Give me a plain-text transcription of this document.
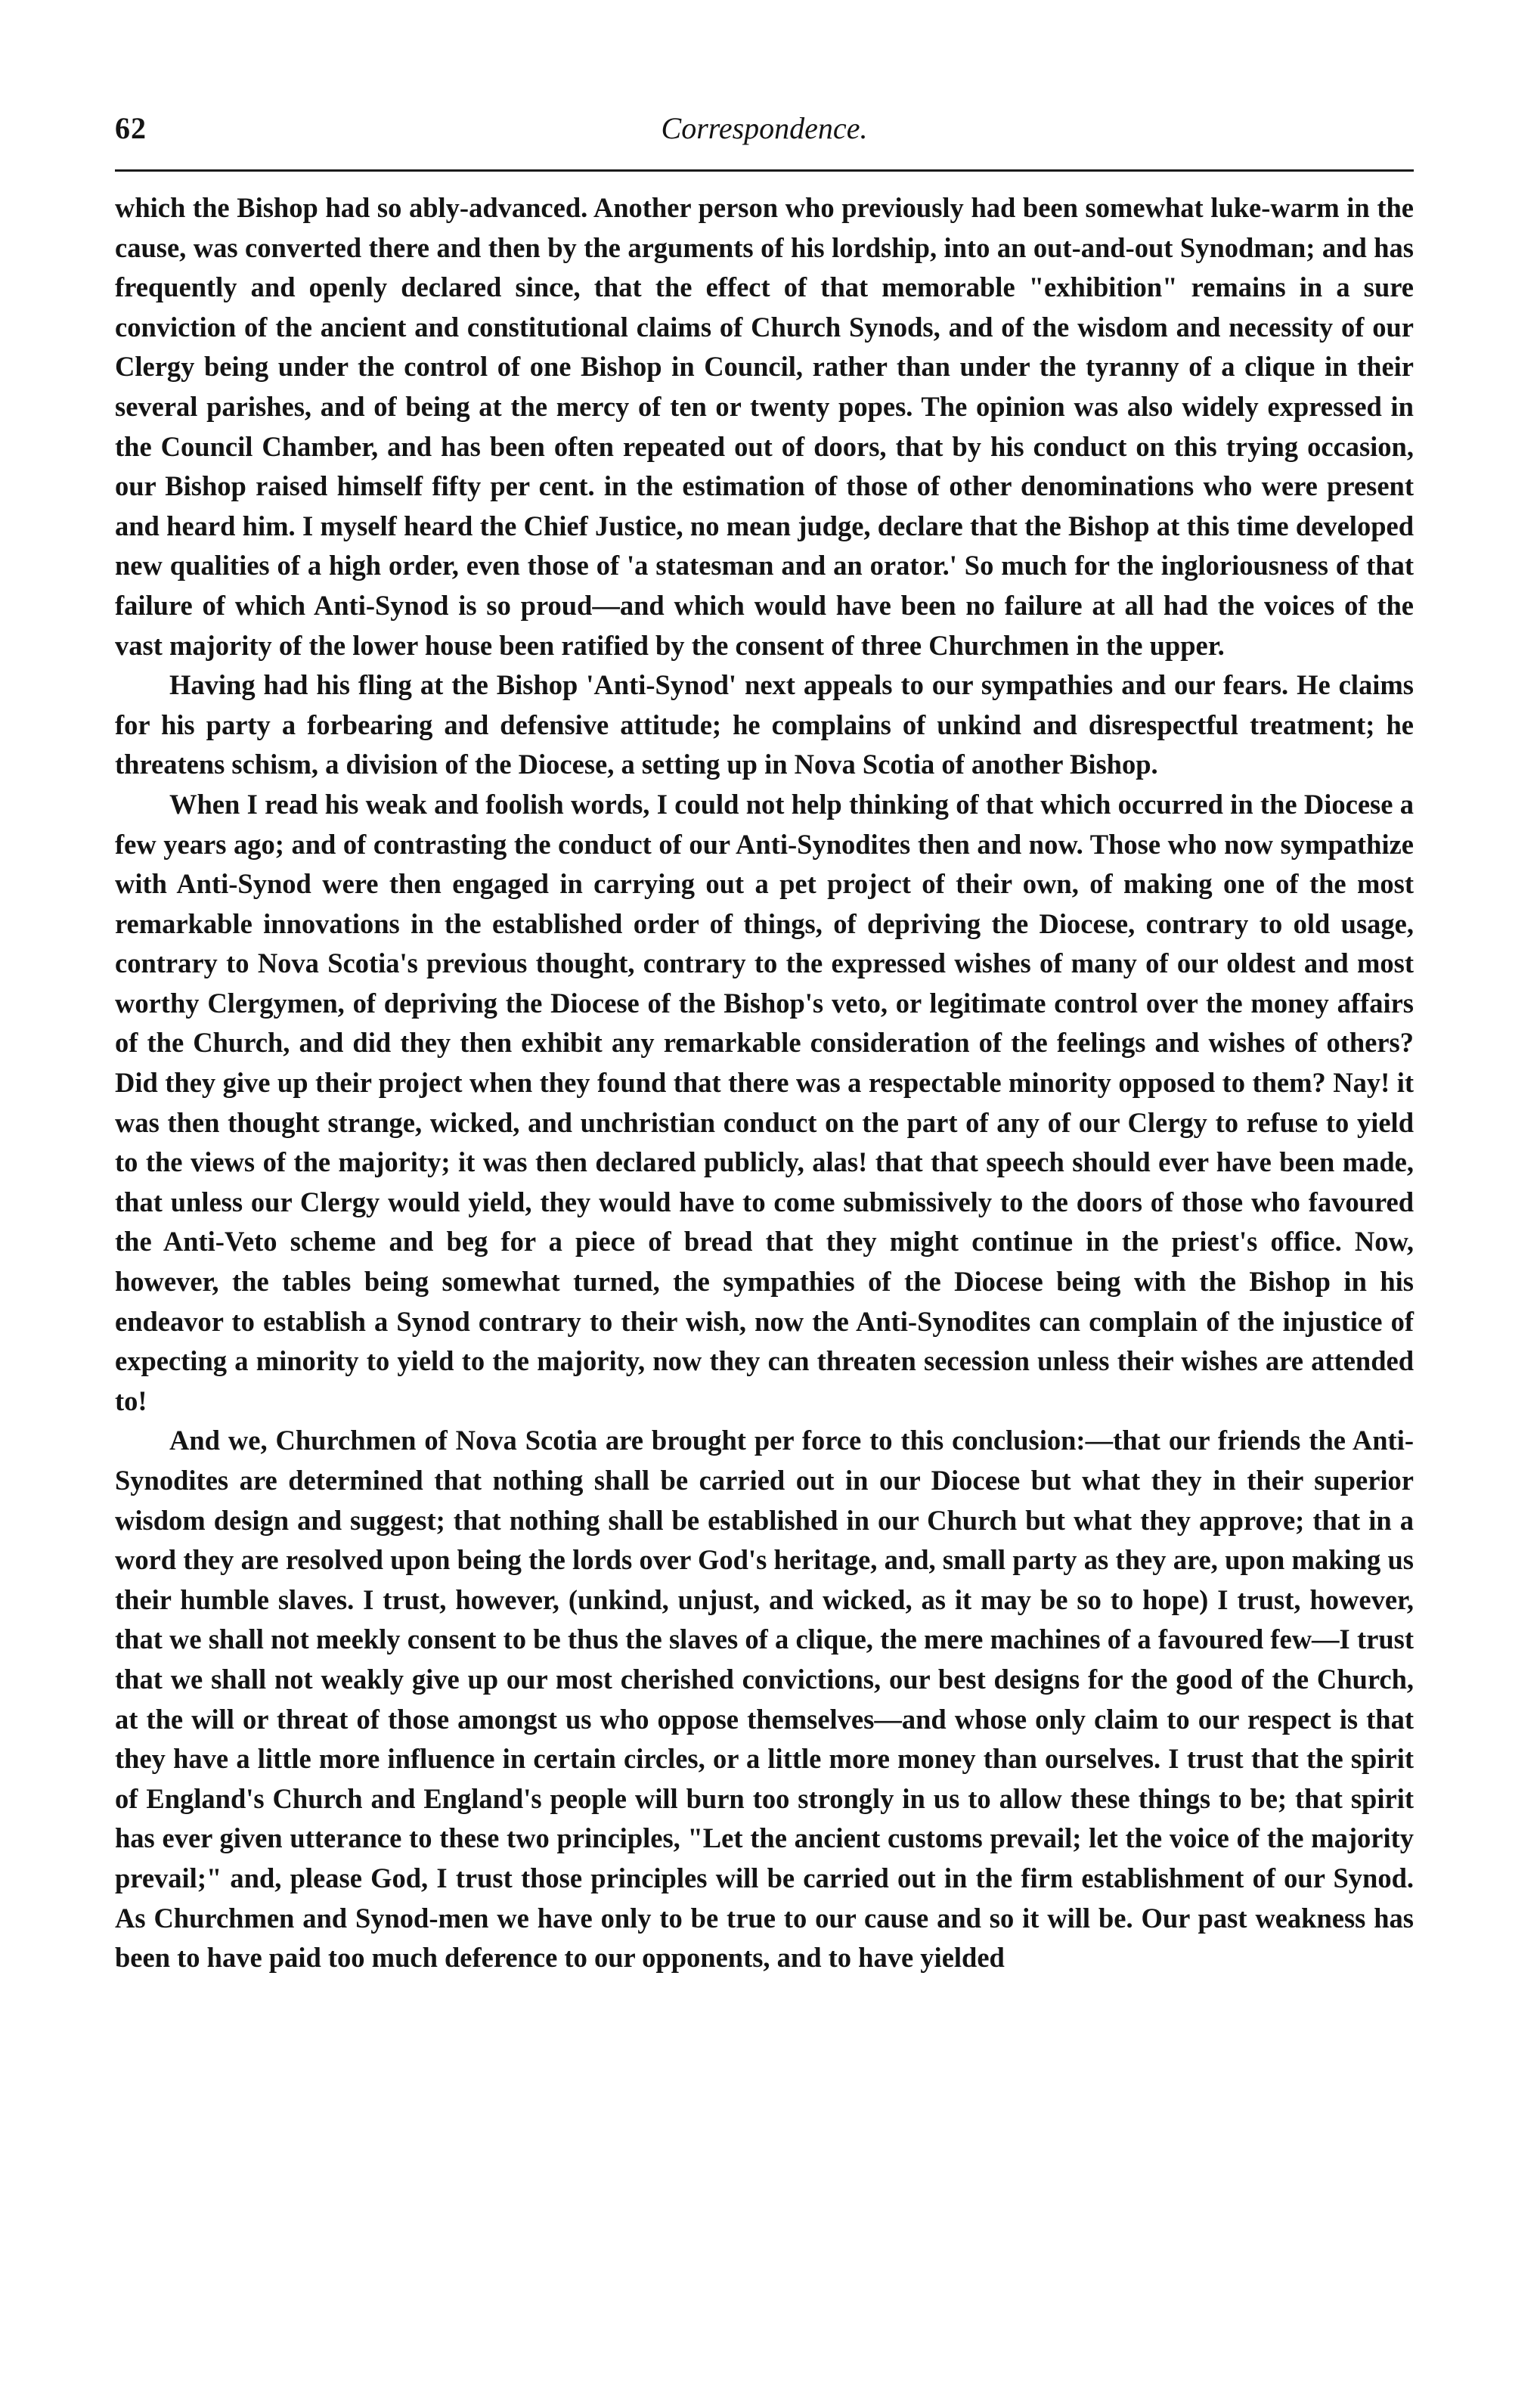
62	Correspondence.

which the Bishop had so ably-advanced. Another person who previously had been somewhat luke-warm in the cause, was converted there and then by the arguments of his lordship, into an out-and-out Synodman; and has frequently and openly declared since, that the effect of that memorable "exhibition" remains in a sure conviction of the ancient and constitutional claims of Church Synods, and of the wisdom and necessity of our Clergy being under the control of one Bishop in Council, rather than under the tyranny of a clique in their several parishes, and of being at the mercy of ten or twenty popes. The opinion was also widely expressed in the Council Chamber, and has been often repeated out of doors, that by his conduct on this trying occasion, our Bishop raised himself fifty per cent. in the estimation of those of other denominations who were present and heard him. I myself heard the Chief Justice, no mean judge, declare that the Bishop at this time developed new qualities of a high order, even those of 'a statesman and an orator.' So much for the ingloriousness of that failure of which Anti-Synod is so proud—and which would have been no failure at all had the voices of the vast majority of the lower house been ratified by the consent of three Churchmen in the upper.

Having had his fling at the Bishop 'Anti-Synod' next appeals to our sympathies and our fears. He claims for his party a forbearing and defensive attitude; he complains of unkind and disrespectful treatment; he threatens schism, a division of the Diocese, a setting up in Nova Scotia of another Bishop.

When I read his weak and foolish words, I could not help thinking of that which occurred in the Diocese a few years ago; and of contrasting the conduct of our Anti-Synodites then and now. Those who now sympathize with Anti-Synod were then engaged in carrying out a pet project of their own, of making one of the most remarkable innovations in the established order of things, of depriving the Diocese, contrary to old usage, contrary to Nova Scotia's previous thought, contrary to the expressed wishes of many of our oldest and most worthy Clergymen, of depriving the Diocese of the Bishop's veto, or legitimate control over the money affairs of the Church, and did they then exhibit any remarkable consideration of the feelings and wishes of others? Did they give up their project when they found that there was a respectable minority opposed to them? Nay! it was then thought strange, wicked, and unchristian conduct on the part of any of our Clergy to refuse to yield to the views of the majority; it was then declared publicly, alas! that that speech should ever have been made, that unless our Clergy would yield, they would have to come submissively to the doors of those who favoured the Anti-Veto scheme and beg for a piece of bread that they might continue in the priest's office. Now, however, the tables being somewhat turned, the sympathies of the Diocese being with the Bishop in his endeavor to establish a Synod contrary to their wish, now the Anti-Synodites can complain of the injustice of expecting a minority to yield to the majority, now they can threaten secession unless their wishes are attended to!

And we, Churchmen of Nova Scotia are brought per force to this conclusion:—that our friends the Anti-Synodites are determined that nothing shall be carried out in our Diocese but what they in their superior wisdom design and suggest; that nothing shall be established in our Church but what they approve; that in a word they are resolved upon being the lords over God's heritage, and, small party as they are, upon making us their humble slaves. I trust, however, (unkind, unjust, and wicked, as it may be so to hope) I trust, however, that we shall not meekly consent to be thus the slaves of a clique, the mere machines of a favoured few—I trust that we shall not weakly give up our most cherished convictions, our best designs for the good of the Church, at the will or threat of those amongst us who oppose themselves—and whose only claim to our respect is that they have a little more influence in certain circles, or a little more money than ourselves. I trust that the spirit of England's Church and England's people will burn too strongly in us to allow these things to be; that spirit has ever given utterance to these two principles, "Let the ancient customs prevail; let the voice of the majority prevail;" and, please God, I trust those principles will be carried out in the firm establishment of our Synod. As Churchmen and Synod-men we have only to be true to our cause and so it will be. Our past weakness has been to have paid too much deference to our opponents, and to have yielded
